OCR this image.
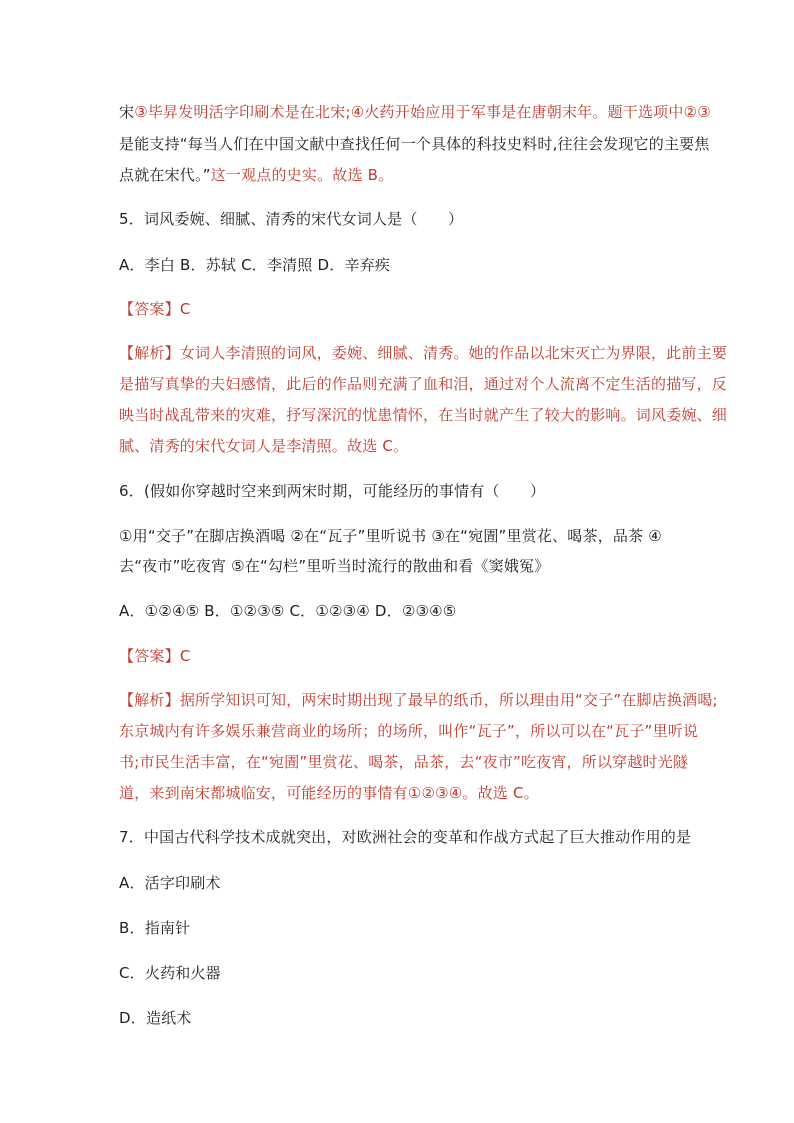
宋③毕昇发明活字印刷术是在北宋;④火药开始应用于军事是在唐朝末年。题干选项中②③
是能支持“每当人们在中国文献中查找任何一个具体的科技史料时,往往会发现它的主要焦
点就在宋代。”这一观点的史实。故选 B。
5．词风委婉、细腻、清秀的宋代女词人是（　　）
A．李白 B．苏轼 C．李清照 D．辛弃疾
【答案】C
【解析】女词人李清照的词风，委婉、细腻、清秀。她的作品以北宋灭亡为界限，此前主要
是描写真挚的夫妇感情，此后的作品则充满了血和泪，通过对个人流离不定生活的描写，反
映当时战乱带来的灾难，抒写深沉的忧患情怀，在当时就产生了较大的影响。词风委婉、细
腻、清秀的宋代女词人是李清照。故选 C。
6．(假如你穿越时空来到两宋时期，可能经历的事情有（　　）
①用“交子”在脚店换酒喝 ②在“瓦子”里听说书 ③在“宛圊”里赏花、喝茶，品茶 ④
去“夜市”吃夜宵 ⑤在“勾栏”里听当时流行的散曲和看《窦娥冤》
A．①②④⑤ B．①②③⑤ C．①②③④ D．②③④⑤
【答案】C
【解析】据所学知识可知，两宋时期出现了最早的纸币，所以理由用“交子”在脚店换酒喝;
东京城内有许多娱乐兼营商业的场所；的场所，叫作“瓦子”，所以可以在“瓦子”里听说
书;市民生活丰富，在“宛圊”里赏花、喝茶，品茶，去“夜市”吃夜宵，所以穿越时光隧
道，来到南宋都城临安，可能经历的事情有①②③④。故选 C。
7．中国古代科学技术成就突出，对欧洲社会的变革和作战方式起了巨大推动作用的是
A．活字印刷术
B．指南针
C．火药和火器
D．造纸术
